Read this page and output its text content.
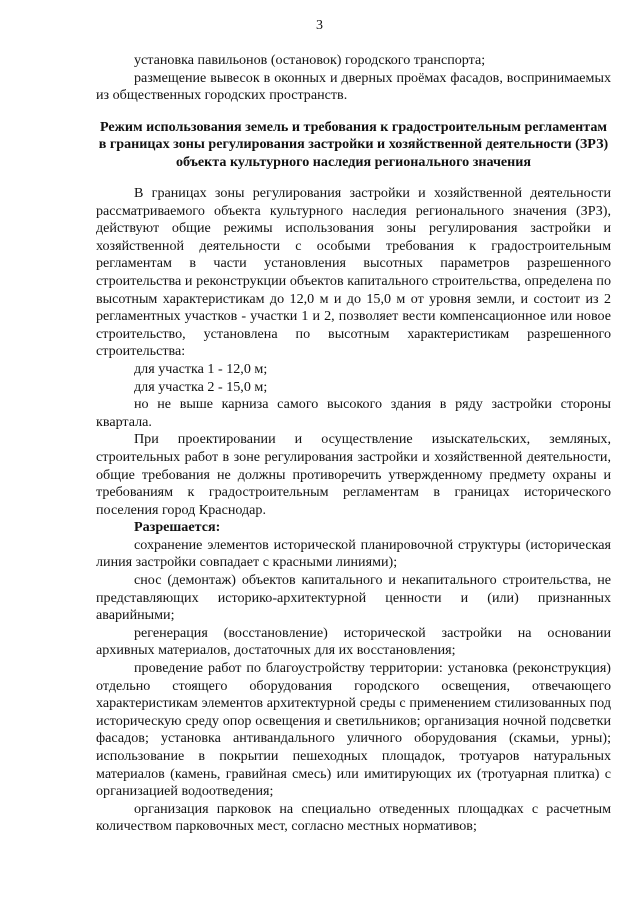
3

установка павильонов (остановок) городского транспорта;

размещение вывесок в оконных и дверных проёмах фасадов, воспринимаемых из общественных городских пространств.

Режим использования земель и требования к градостроительным регламентам в границах зоны регулирования застройки и хозяйственной деятельности (ЗРЗ) объекта культурного наследия регионального значения

В границах зоны регулирования застройки и хозяйственной деятельности рассматриваемого объекта культурного наследия регионального значения (ЗРЗ), действуют общие режимы использования зоны регулирования застройки и хозяйственной деятельности с особыми требования к градостроительным регламентам в части установления высотных параметров разрешенного строительства и реконструкции объектов капитального строительства, определена по высотным характеристикам до 12,0 м и до 15,0 м от уровня земли, и состоит из 2 регламентных участков - участки 1 и 2, позволяет вести компенсационное или новое строительство, установлена по высотным характеристикам разрешенного строительства:

для участка 1 - 12,0 м;

для участка 2 - 15,0 м;

но не выше карниза самого высокого здания в ряду застройки стороны квартала.

При проектировании и осуществление изыскательских, земляных, строительных работ в зоне регулирования застройки и хозяйственной деятельности, общие требования не должны противоречить утвержденному предмету охраны и требованиям к градостроительным регламентам в границах исторического поселения город Краснодар.

Разрешается:

сохранение элементов исторической планировочной структуры (историческая линия застройки совпадает с красными линиями);

снос (демонтаж) объектов капитального и некапитального строительства, не представляющих историко-архитектурной ценности и (или) признанных аварийными;

регенерация (восстановление) исторической застройки на основании архивных материалов, достаточных для их восстановления;

проведение работ по благоустройству территории: установка (реконструкция) отдельно стоящего оборудования городского освещения, отвечающего характеристикам элементов архитектурной среды с применением стилизованных под историческую среду опор освещения и светильников; организация ночной подсветки фасадов; установка антивандального уличного оборудования (скамьи, урны); использование в покрытии пешеходных площадок, тротуаров натуральных материалов (камень, гравийная смесь) или имитирующих их (тротуарная плитка) с организацией водоотведения;

организация парковок на специально отведенных площадках с расчетным количеством парковочных мест, согласно местных нормативов;
